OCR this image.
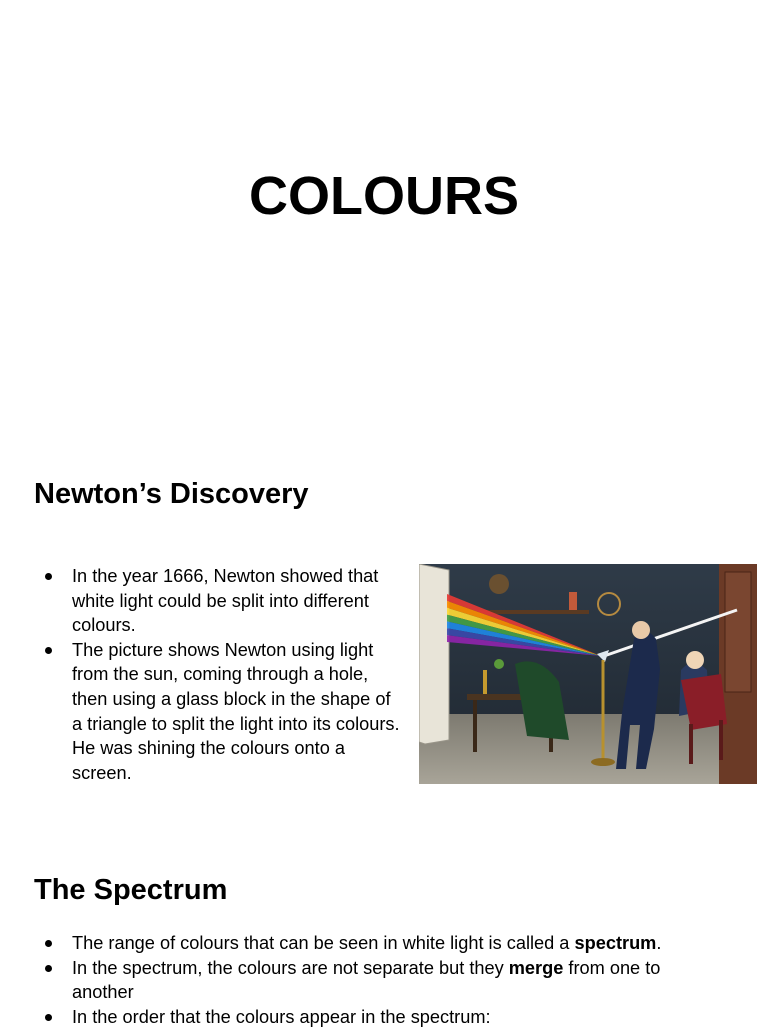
COLOURS
Newton’s Discovery
In the year 1666, Newton showed that white light could be split into different colours.
The picture shows Newton using light from the sun, coming through a hole, then using a glass block in the shape of a triangle to split the light into its colours. He was shining the colours onto a screen.
The Spectrum
The range of colours that can be seen in white light is called a spectrum.
In the spectrum, the colours are not separate but they merge from one to another
In the order that the colours appear in the spectrum:
